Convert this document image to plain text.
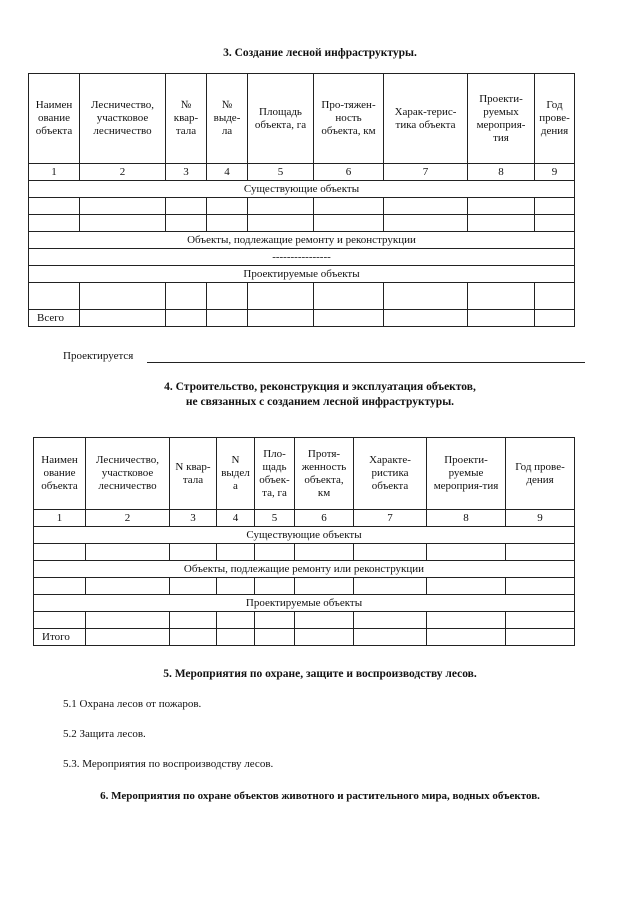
3. Создание лесной инфраструктуры.
Наимен ование объекта	Лесничество, участковое лесничество	№ квар-тала	№ выде-ла	Площадь объекта, га	Про-тяжен-ность объекта, км	Харак-терис-тика объекта	Проекти-руемых мероприя-тия	Год прове-дения
1	2	3	4	5	6	7	8	9
Существующие объекты								

Объекты, подлежащие ремонту и реконструкции								
----------------								
Проектируемые объекты								

Всего								
Проектируется
4. Строительство, реконструкция и эксплуатация объектов,
не связанных с созданием лесной инфраструктуры.
Наимен ование объекта	Лесничество, участковое лесничество	N квар-тала	N выдел а	Пло-щадь объек-та, га	Протя-женность объекта, км	Характе-ристика объекта	Проекти-руемые мероприя-тия	Год прове-дения
1	2	3	4	5	6	7	8	9
Существующие объекты								

Объекты, подлежащие ремонту или реконструкции								

Проектируемые объекты								

Итого								
5. Мероприятия по охране, защите и воспроизводству лесов.
5.1 Охрана лесов от пожаров.
5.2 Защита лесов.
5.3. Мероприятия по воспроизводству лесов.
6. Мероприятия по охране объектов животного и растительного мира, водных объектов.
